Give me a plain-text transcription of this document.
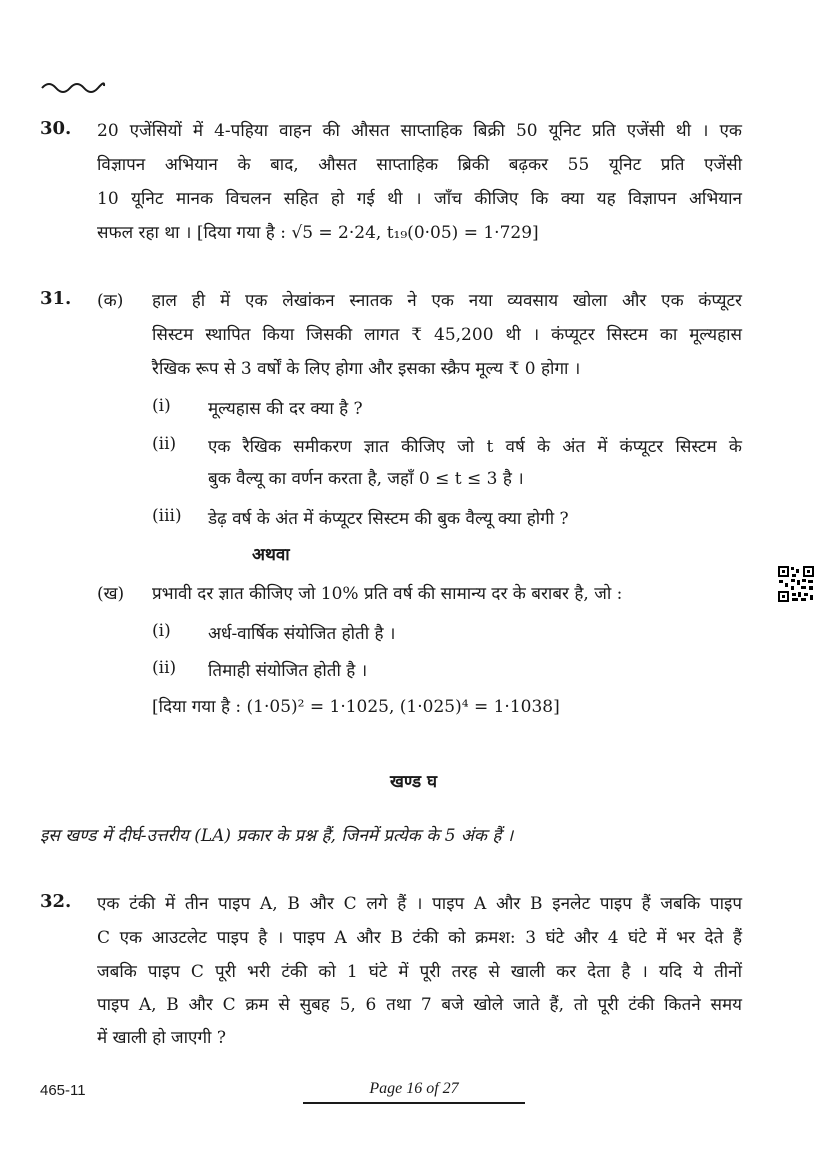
30. 20 एजेंसियों में 4-पहिया वाहन की औसत साप्ताहिक बिक्री 50 यूनिट प्रति एजेंसी थी । एक
विज्ञापन अभियान के बाद, औसत साप्ताहिक ब्रिकी बढ़कर 55 यूनिट प्रति एजेंसी
10 यूनिट मानक विचलन सहित हो गई थी । जाँच कीजिए कि क्या यह विज्ञापन अभियान
सफल रहा था । [दिया गया है : √5 = 2·24, t₁₉(0·05) = 1·729]
31. (क) हाल ही में एक लेखांकन स्नातक ने एक नया व्यवसाय खोला और एक कंप्यूटर
सिस्टम स्थापित किया जिसकी लागत ₹ 45,200 थी । कंप्यूटर सिस्टम का मूल्यहास
रैखिक रूप से 3 वर्षों के लिए होगा और इसका स्क्रैप मूल्य ₹ 0 होगा ।
(i) मूल्यहास की दर क्या है ?
(ii) एक रैखिक समीकरण ज्ञात कीजिए जो t वर्ष के अंत में कंप्यूटर सिस्टम के
बुक वैल्यू का वर्णन करता है, जहाँ 0 ≤ t ≤ 3 है ।
(iii) डेढ़ वर्ष के अंत में कंप्यूटर सिस्टम की बुक वैल्यू क्या होगी ?
अथवा
(ख) प्रभावी दर ज्ञात कीजिए जो 10% प्रति वर्ष की सामान्य दर के बराबर है, जो :
(i) अर्ध-वार्षिक संयोजित होती है ।
(ii) तिमाही संयोजित होती है ।
[दिया गया है : (1·05)² = 1·1025, (1·025)⁴ = 1·1038]
खण्ड घ
इस खण्ड में दीर्घ-उत्तरीय (LA) प्रकार के प्रश्न हैं, जिनमें प्रत्येक के 5 अंक हैं ।
32. एक टंकी में तीन पाइप A, B और C लगे हैं । पाइप A और B इनलेट पाइप हैं जबकि पाइप
C एक आउटलेट पाइप है । पाइप A और B टंकी को क्रमश: 3 घंटे और 4 घंटे में भर देते हैं
जबकि पाइप C पूरी भरी टंकी को 1 घंटे में पूरी तरह से खाली कर देता है । यदि ये तीनों
पाइप A, B और C क्रम से सुबह 5, 6 तथा 7 बजे खोले जाते हैं, तो पूरी टंकी कितने समय
में खाली हो जाएगी ?
465-11	Page 16 of 27
